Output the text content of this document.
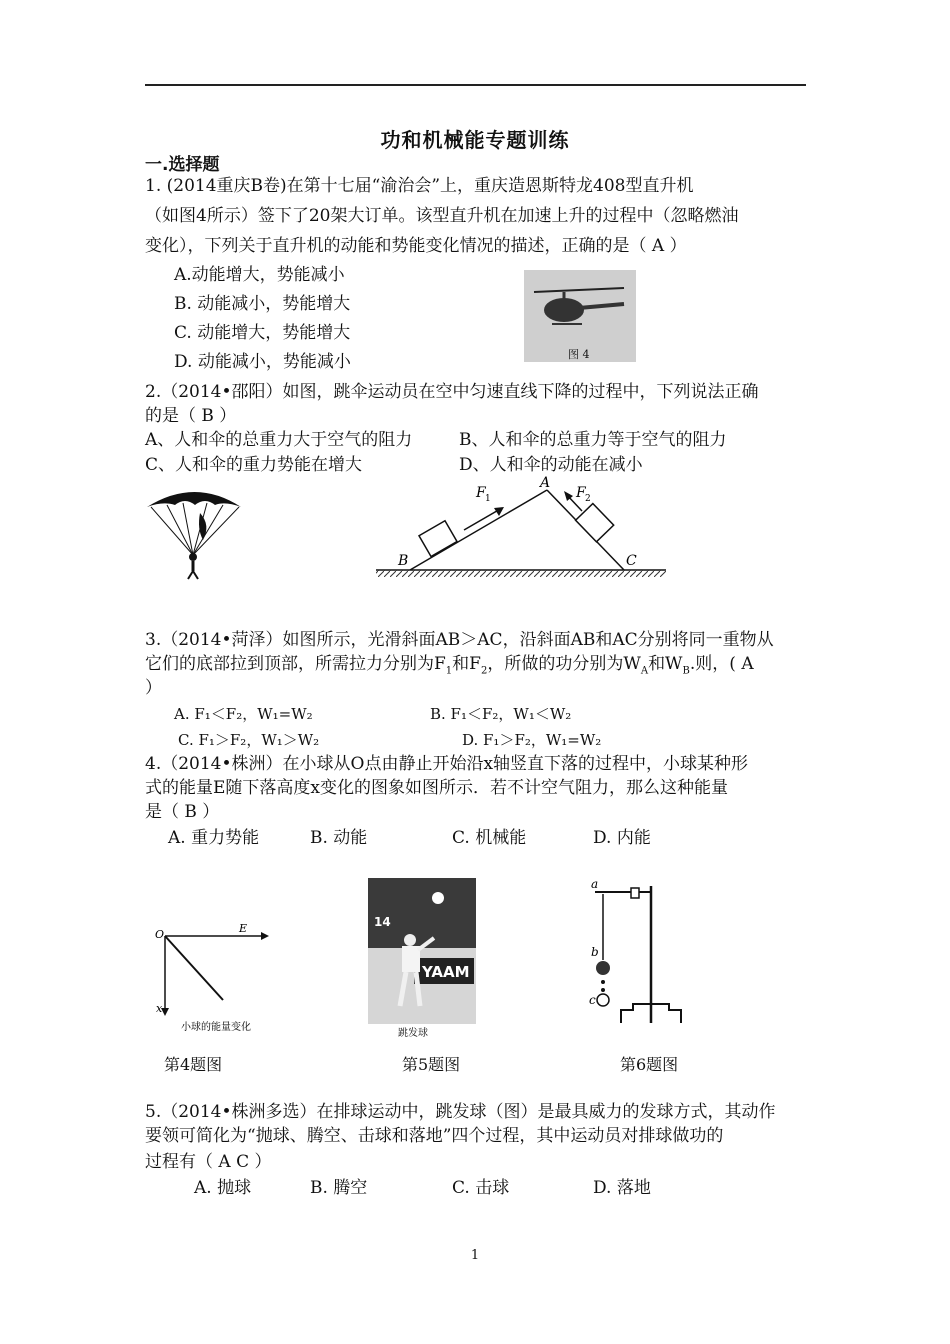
功和机械能专题训练
一.选择题
1. (2014重庆B卷)在第十七届“渝治会”上，重庆造恩斯特龙408型直升机
（如图4所示）签下了20架大订单。该型直升机在加速上升的过程中（忽略燃油
变化），下列关于直升机的动能和势能变化情况的描述，正确的是（ A ）
A.动能增大，势能减小
B. 动能减小，势能增大
C. 动能增大，势能增大
D. 动能减小，势能减小	图 4
2.（2014•邵阳）如图，跳伞运动员在空中匀速直线下降的过程中，下列说法正确
的是（ B ）
A、人和伞的总重力大于空气的阻力	B、人和伞的总重力等于空气的阻力
C、人和伞的重力势能在增大	D、人和伞的动能在减小
F 1	F 2
A
B	C
3.（2014•菏泽）如图所示，光滑斜面AB＞AC，沿斜面AB和AC分别将同一重物从
它们的底部拉到顶部，所需拉力分别为$F_1$和$F_2$，所做的功分别为$W_A$和$W_B$.则，( A
）
A. F₁＜F₂，W₁=W₂	B. F₁＜F₂，W₁＜W₂
C. F₁＞F₂，W₁＞W₂	D. F₁＞F₂，W₁=W₂
4.（2014•株洲）在小球从O点由静止开始沿x轴竖直下落的过程中，小球某种形
式的能量E随下落高度x变化的图象如图所示．若不计空气阻力，那么这种能量
是（ B ）
A. 重力势能	B. 动能	C. 机械能	D. 内能
O	E
x
小球的能量变化
YAAM
14
跳发球
a
b
c
第4题图	第5题图	第6题图
5.（2014•株洲多选）在排球运动中，跳发球（图）是最具威力的发球方式，其动作
要领可简化为“抛球、腾空、击球和落地”四个过程，其中运动员对排球做功的
过程有（ A C ）
A. 抛球	B. 腾空	C. 击球	D. 落地
1
